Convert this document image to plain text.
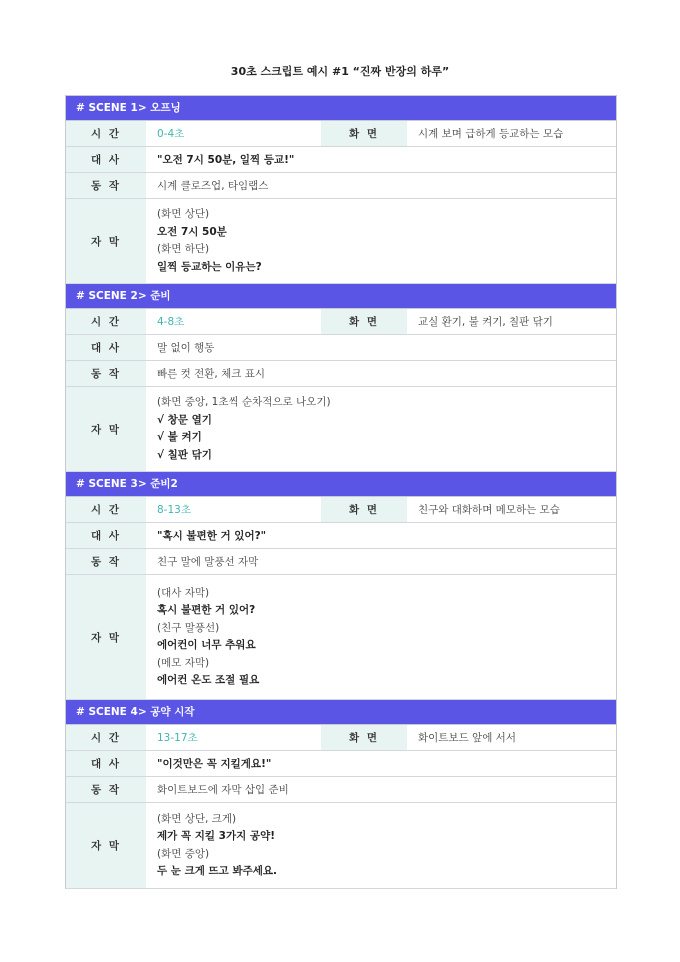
30초 스크립트 예시 #1 “진짜 반장의 하루”
# SCENE 1> 오프닝
시 간	0-4초	화 면	시계 보며 급하게 등교하는 모습
대 사	"오전 7시 50분, 일찍 등교!"
동 작	시계 클로즈업, 타임랩스
자 막
(화면 상단)
오전 7시 50분
(화면 하단)
일찍 등교하는 이유는?
# SCENE 2> 준비
시 간	4-8초	화 면	교실 환기, 불 켜기, 칠판 닦기
대 사	말 없이 행동
동 작	빠른 컷 전환, 체크 표시
자 막
(화면 중앙, 1초씩 순차적으로 나오기)
√ 창문 열기
√ 불 켜기
√ 칠판 닦기
# SCENE 3> 준비2
시 간	8-13초	화 면	친구와 대화하며 메모하는 모습
대 사	"혹시 불편한 거 있어?"
동 작	친구 말에 말풍선 자막
자 막
(대사 자막)
혹시 불편한 거 있어?
(친구 말풍선)
에어컨이 너무 추워요
(메모 자막)
에어컨 온도 조절 필요
# SCENE 4> 공약 시작
시 간	13-17초	화 면	화이트보드 앞에 서서
대 사	"이것만은 꼭 지킬게요!"
동 작	화이트보드에 자막 삽입 준비
자 막
(화면 상단, 크게)
제가 꼭 지킬 3가지 공약!
(화면 중앙)
두 눈 크게 뜨고 봐주세요.
